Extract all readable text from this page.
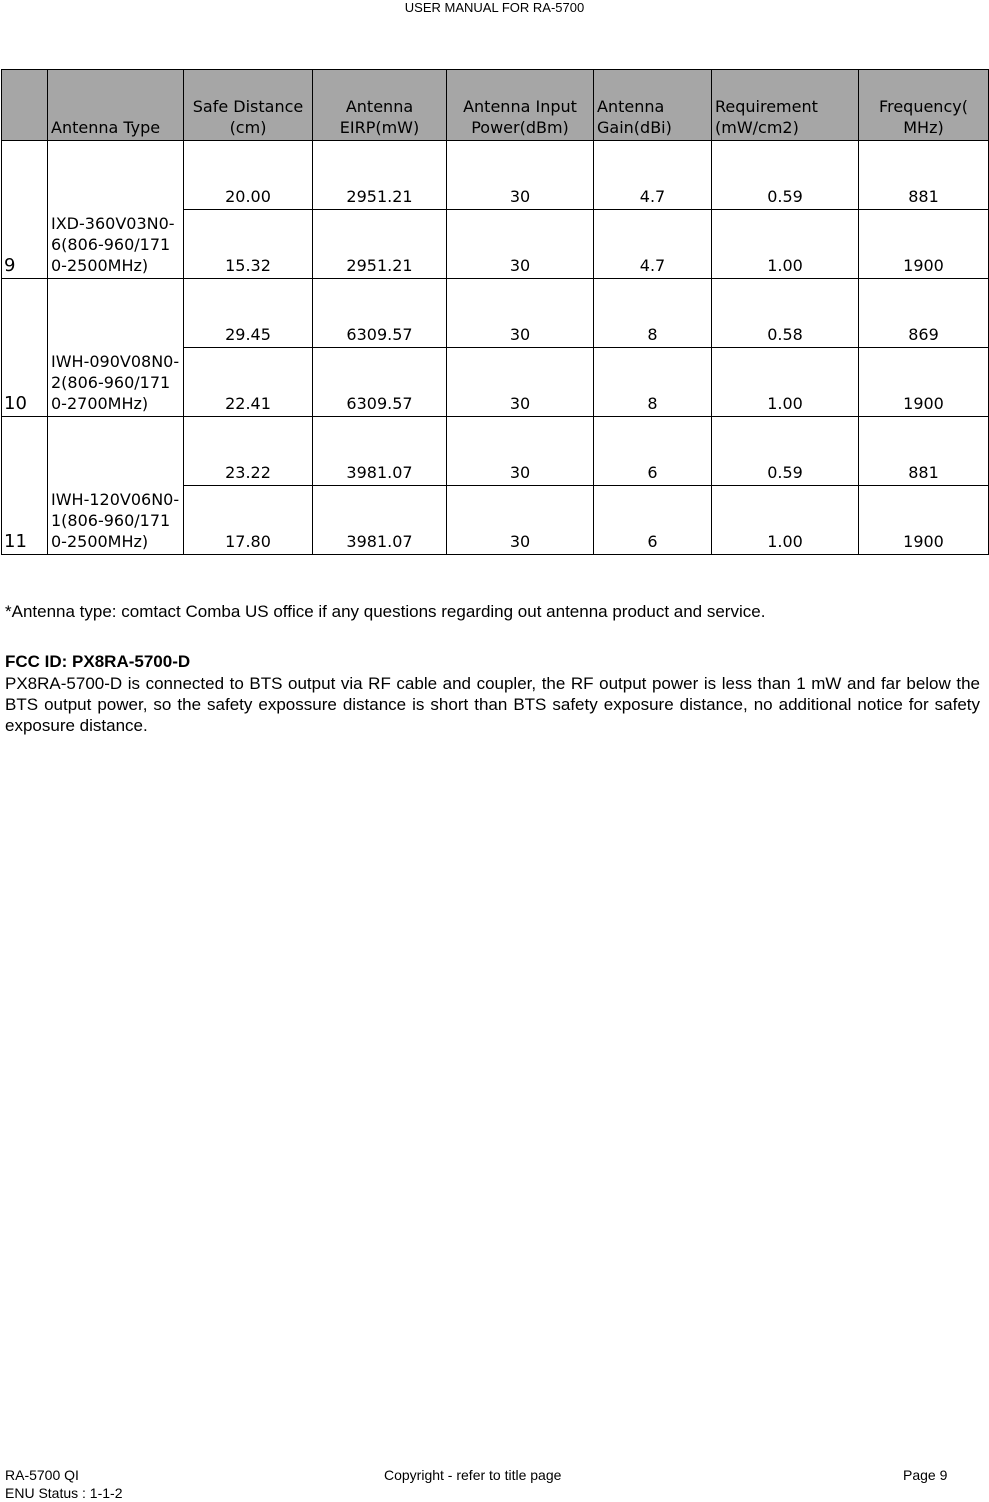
USER MANUAL FOR RA-5700
	Antenna Type	Safe Distance (cm)	Antenna EIRP(mW)	Antenna Input Power(dBm)	Antenna Gain(dBi)	Requirement (mW/cm2)	Frequency( MHz)
9	IXD-360V03N0-6(806-960/1710-2500MHz)	20.00	2951.21	30	4.7	0.59	881
		15.32	2951.21	30	4.7	1.00	1900
10	IWH-090V08N0-2(806-960/1710-2700MHz)	29.45	6309.57	30	8	0.58	869
		22.41	6309.57	30	8	1.00	1900
11	IWH-120V06N0-1(806-960/1710-2500MHz)	23.22	3981.07	30	6	0.59	881
		17.80	3981.07	30	6	1.00	1900
*Antenna type: comtact Comba US office if any questions regarding out antenna product and service.
FCC ID: PX8RA-5700-D
PX8RA-5700-D is connected to BTS output via RF cable and coupler, the RF output power is less than 1 mW and far below the BTS output power, so the safety expossure distance is short than BTS safety exposure distance, no additional notice for safety exposure distance.
RA-5700 QI
ENU Status : 1-1-2
Copyright - refer to title page	Page 9
